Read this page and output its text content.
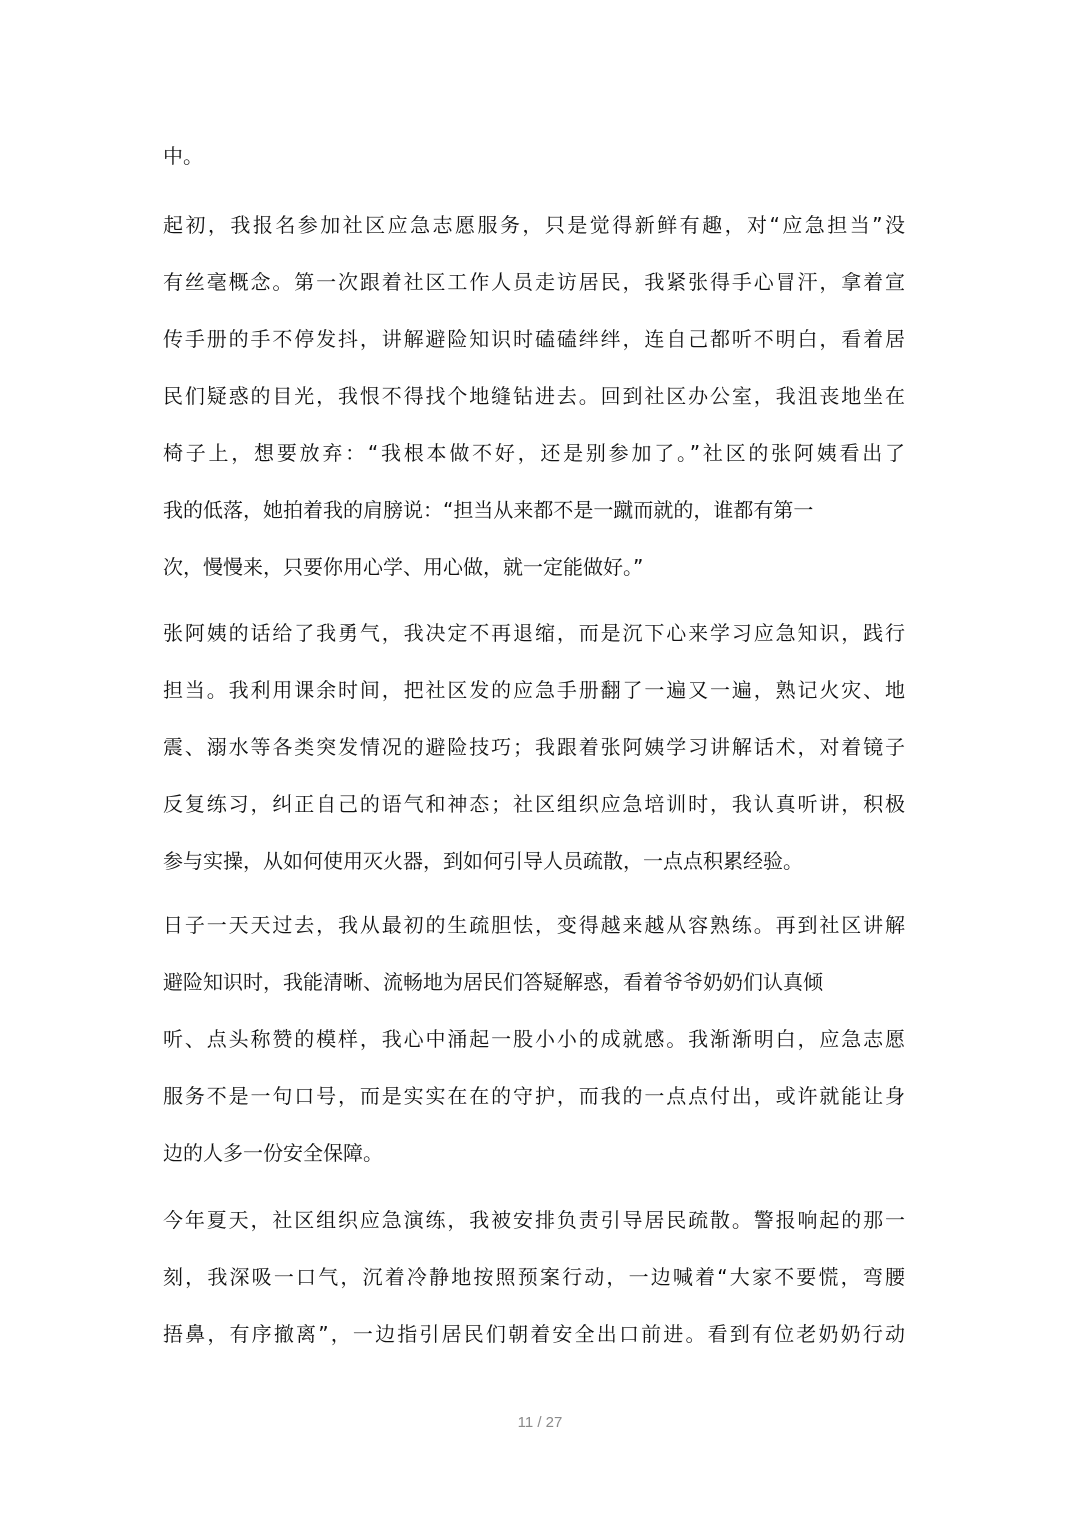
中。
起初，我报名参加社区应急志愿服务，只是觉得新鲜有趣，对“应急担当”没
有丝毫概念。第一次跟着社区工作人员走访居民，我紧张得手心冒汗，拿着宣
传手册的手不停发抖，讲解避险知识时磕磕绊绊，连自己都听不明白，看着居
民们疑惑的目光，我恨不得找个地缝钻进去。回到社区办公室，我沮丧地坐在
椅子上，想要放弃：“我根本做不好，还是别参加了。”社区的张阿姨看出了
我的低落，她拍着我的肩膀说：“担当从来都不是一蹴而就的，谁都有第一
次，慢慢来，只要你用心学、用心做，就一定能做好。”
张阿姨的话给了我勇气，我决定不再退缩，而是沉下心来学习应急知识，践行
担当。我利用课余时间，把社区发的应急手册翻了一遍又一遍，熟记火灾、地
震、溺水等各类突发情况的避险技巧；我跟着张阿姨学习讲解话术，对着镜子
反复练习，纠正自己的语气和神态；社区组织应急培训时，我认真听讲，积极
参与实操，从如何使用灭火器，到如何引导人员疏散，一点点积累经验。
日子一天天过去，我从最初的生疏胆怯，变得越来越从容熟练。再到社区讲解
避险知识时，我能清晰、流畅地为居民们答疑解惑，看着爷爷奶奶们认真倾
听、点头称赞的模样，我心中涌起一股小小的成就感。我渐渐明白，应急志愿
服务不是一句口号，而是实实在在的守护，而我的一点点付出，或许就能让身
边的人多一份安全保障。
今年夏天，社区组织应急演练，我被安排负责引导居民疏散。警报响起的那一
刻，我深吸一口气，沉着冷静地按照预案行动，一边喊着“大家不要慌，弯腰
捂鼻，有序撤离”，一边指引居民们朝着安全出口前进。看到有位老奶奶行动
11 / 27
